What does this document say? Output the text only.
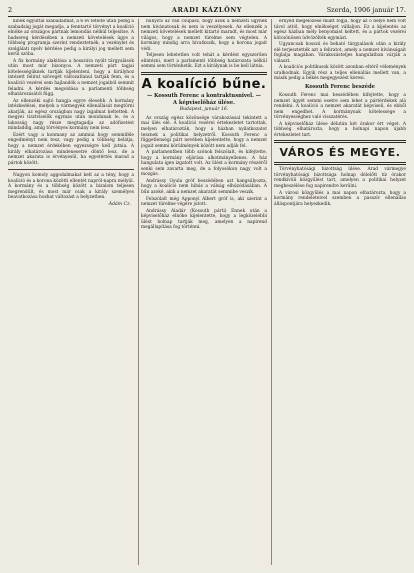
2	ARADI KÁZLÖNY	Szerda, 1906 január 17.

kinek egyúttal szabadalmat, a 6 év letelte után pedig a szabadság jogát megadja, a fenntartó törvényt a koalíció elnöke az országos pártnak lemondás nélkül teljesítse. A hadsereg kérdésében a nemzeti követelések ügye a többség programja szerint rendeztetnék, a vezénylet és szolgálati nyelv kérdése pedig a királyi jog mellett sem kerül szóba.

A fix kormány alakitása a hosszúra nyúlt tárgyalások után most már bizonyos. A nemzeti párt tagjai kötelességüknek tartják kijelenteni, hogy a királyhoz intézett felirat szövegét változatlanul tartják fenn, és a koalíció vezérei sem hajlandók a nemzet jogaiból semmit feladni. A kérdés megoldása a parlamenti többség elhatározásától függ.

Az ellenzéki sajtó hangja egyre élesebb. A kormány intézkedései, melyek a vármegyék ellenállását megtörni akarják, az egész országban nagy izgalmat keltettek. A megyei tisztviselők egymás után mondanak le, és a lakosság nagy része megtagadja az adófizetést mindaddig, amíg törvényes kormány nem lesz.

Ezért vagy a konmany az ammiui hogy semmiféle engedményt nem tesz, vagy pedig a többség belátja, hogy a nemzet érdekében egyezségre kell jutnia. A király elhatározása mindenesetre döntő lesz, de a nemzet akarata is érvényesül, ha egyetértés marad a pártok között.

Nagyon komoly aggodalmakat kelt az a tény, hogy a koalíció és a korona közötti ellentét napról-napra mélyül. A kormány és a többség között a bizalom teljesen megrendült, és most már csak a király személyes beavatkozása hozhat változást a helyzetben.

Ádám Cz.

nunyira az van csupasz, hogy azok a nemzeti ügynek nem kivánatosak és nem is veszélyesek. Az ellenzék a nemzeti követelések mellett kitartó maradt, és most már világos, hogy a nemzet türelme sem végtelen. A kormány mindig arra hivatkozik, hogy a korona jogait védi.

Teljesen lehetetlen volt tehát a kérdést egyszerűen elintézni, mert a parlamenti többség határozata nélkül semmi sem történhetik. Ezt a királynak is be kell látnia.

A koalíció bűne.
— Kossuth Ferenc a kontraktusnivel. —
A képviselőház ülése.
Budapest, január 16.

Az ország egész közönsége várakozással tekintett a mai ülés elé. A koalíció vezérei értekezletet tartottak, melyen elhatározták, hogy a házban nyilatkozatot tesznek a politikai helyzetről. Kossuth Ferenc a függetlenségi párt nevében kijelentette, hogy a nemzet jogait semmi körülmények között nem adják fel.

A parlamentben több szónok felszólalt, és kifejtette, hogy a kormány eljárása alkotmányellenes. A ház hangulata igen izgatott volt. Az ülést a kormány részéről senki sem zavarta meg, de a folyosókon nagy volt a mozgás.

Andrássy Gyula gróf beszédében azt hangsúlyozta, hogy a koalíció nem hibás a válság elhúzódásában. A bűn azoké, akik a nemzet akaratát semmibe veszik.

Felszólalt még Apponyi Albert gróf is, aki szerint a nemzet türelme végére jutott.

Andrássy Aladár (Kossuth párti) Ennek után a képviselőház elnöke kijelentette, hogy a legközelebbi ülést holnap tartják meg, amelyen a napirend megállapítása fog történni.

ernyed megelőzése miatt fogja, hogy az ő helye nem volt távol attól, hogy elnökséget vállaljon. Ez a kijelentés az egész házban mély benyomást keltett, és a pártok vezérei kölcsönösen üdvözölték egymást.

Ugyancsak hosszú és beható tárgyalások után a király elé terjesztették azt a feliratot, amely a nemzet kívánságait foglalja magában. Várakozásteljes hangulatban várják a választ.

A koalíciós politikusok között azonban eltérő vélemények uralkodnak. Egyik rész a teljes ellenállás mellett van, a másik pedig a békés megegyezést keresi.

Kossuth Ferenc beszéde

Kossuth Ferenc mai beszédében kifejtette, hogy a nemzet ügyét semmi esetre sem lehet a pártérdekek alá rendelni. A koalíció a nemzet akaratát képviseli, és ebből nem engedhet. A kormánynak kötelessége a törvényességhez való visszatérés.

A képviselőház ülése délután két órakor ért véget. A többség elhatározta, hogy a holnapi napon újabb értekezletet tart.

VÁROS ÉS MEGYE.

Törvényhatósági bizottság ülése. Arad vármegye törvényhatósági bizottsága holnap délelőtt tíz órakor rendkívüli közgyűlést tart, amelyen a politikai helyzet megbeszélése fog napirendre kerülni.

A városi közgyűlés a mai napon elhatározta, hogy a kormány rendeleteivel szemben a passzív ellenállás álláspontjára helyezkedik.
